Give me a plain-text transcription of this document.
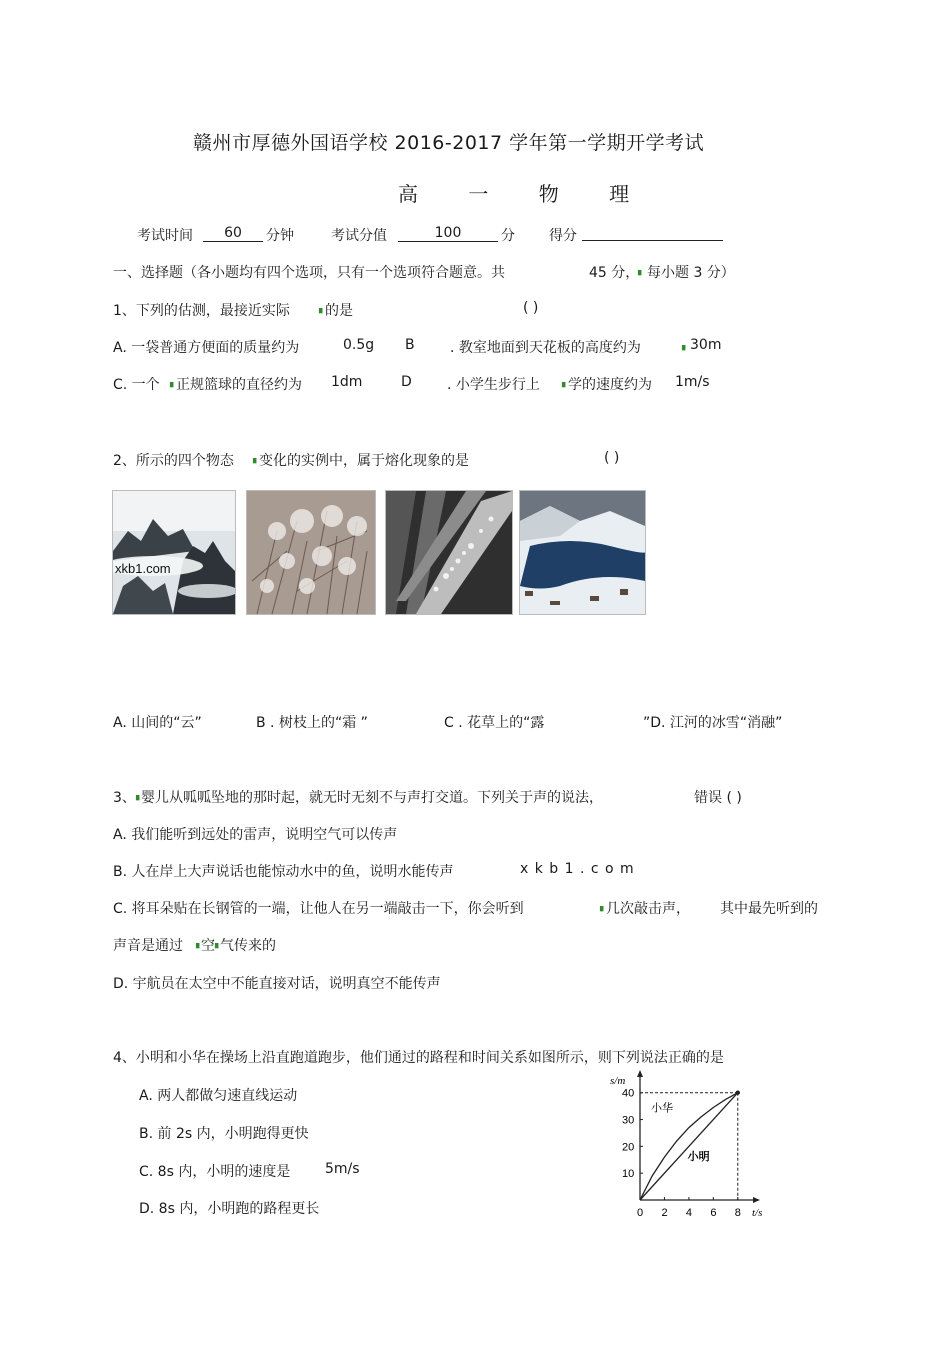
赣州市厚德外国语学校 2016-2017 学年第一学期开学考试
高 一 物 理
考试时间	60	分钟	考试分值	100	分 得分
一、选择题（各小题均有四个选项，只有一个选项符合题意。共	45 分，
▖ 每小题 3 分）
1、下列的估测，最接近实际	▖ 的是	( )
A. 一袋普通方便面的质量约为	0.5g B	. 教室地面到天花板的高度约为	▖ 30m
C. 一个 ▖ 正规篮球的直径约为 1dm	D	. 小学生步行上 ▖ 学的速度约为 1m/s
2、所示的四个物态 ▖ 变化的实例中，属于熔化现象的是	( )
xkb1.com
A. 山间的“云”	B . 树枝上的“霜 ”	C . 花草上的“露	”D. 江河的冰雪“消融”
3、 ▖
婴儿从呱呱坠地的那时起，就无时无刻不与声打交道。下列关于声的说法，	错误 ( )
A. 我们能听到远处的雷声，说明空气可以传声
B. 人在岸上大声说话也能惊动水中的鱼，说明水能传声	x k b 1 . c o m
C. 将耳朵贴在长钢管的一端，让他人在另一端敲击一下，你会听到	▖ 几次敲击声， 其中最先听到的
声音是通过 ▖
空 ▖
气传来的
D. 宇航员在太空中不能直接对话，说明真空不能传声
4、小明和小华在操场上沿直跑道跑步，他们通过的路程和时间关系如图所示，则下列说法正确的是
A. 两人都做匀速直线运动
B. 前 2s 内，小明跑得更快
C. 8s 内，小明的速度是 5m/s
D. 8s 内，小明跑的路程更长	t/s
s/m
0 2 4 6 8
10
20
30
40
小华
小明
